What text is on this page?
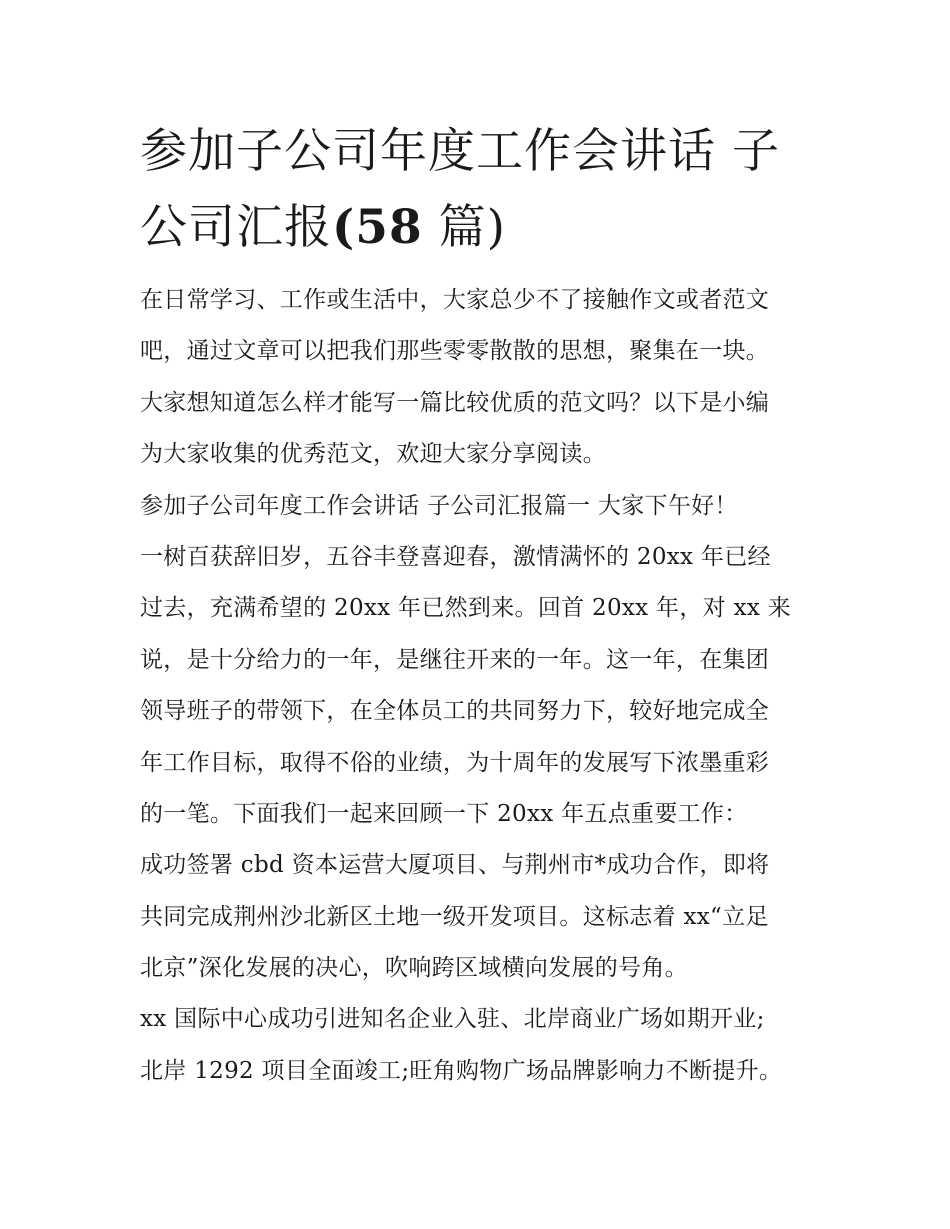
参加子公司年度工作会讲话 子
公司汇报(58 篇)
在日常学习、工作或生活中，大家总少不了接触作文或者范文
吧，通过文章可以把我们那些零零散散的思想，聚集在一块。
大家想知道怎么样才能写一篇比较优质的范文吗？以下是小编
为大家收集的优秀范文，欢迎大家分享阅读。
参加子公司年度工作会讲话 子公司汇报篇一 大家下午好！
一树百获辞旧岁，五谷丰登喜迎春，激情满怀的 20xx 年已经
过去，充满希望的 20xx 年已然到来。回首 20xx 年，对 xx 来
说，是十分给力的一年，是继往开来的一年。这一年，在集团
领导班子的带领下，在全体员工的共同努力下，较好地完成全
年工作目标，取得不俗的业绩，为十周年的发展写下浓墨重彩
的一笔。下面我们一起来回顾一下 20xx 年五点重要工作：
成功签署 cbd 资本运营大厦项目、与荆州市*成功合作，即将
共同完成荆州沙北新区土地一级开发项目。这标志着 xx“立足
北京”深化发展的决心，吹响跨区域横向发展的号角。
xx 国际中心成功引进知名企业入驻、北岸商业广场如期开业;
北岸 1292 项目全面竣工;旺角购物广场品牌影响力不断提升。
